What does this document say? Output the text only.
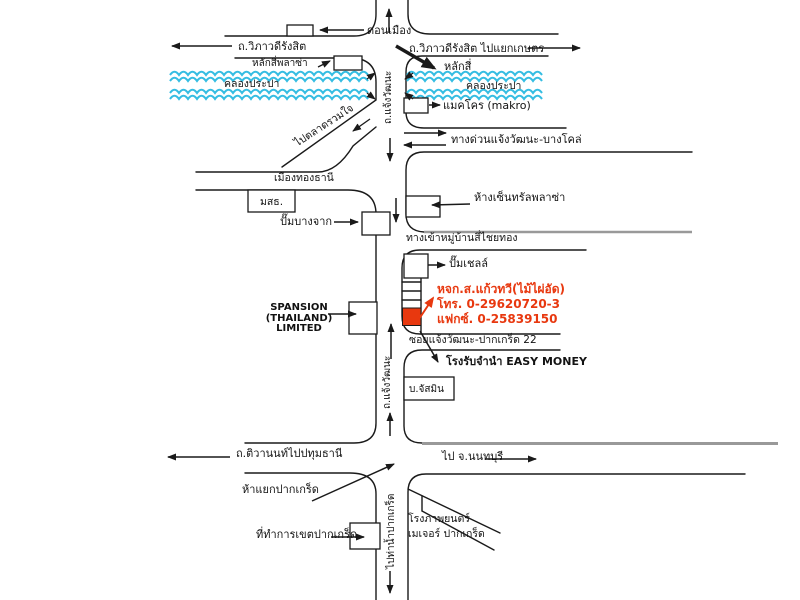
ดอนเมือง
ถ.วิภาวดีรังสิต	ถ.วิภาวดีรังสิต ไปแยกเกษตร
หลักสี่พลาซ่า	หลักสี่
คลองประปา	คลองประปา
แมคโคร (makro)
ไปตลาดรวมใจ
ถ.แจ้งวัฒนะ
ทางด่วนแจ้งวัฒนะ-บางโคล่
เมืองทองธานี
มสธ.
ปั๊มบางจาก
ห้างเซ็นทรัลพลาซ่า
ทางเข้าหมู่บ้านสี่ไชยทอง
ปั๊มเชลล์
หจก.ส.แก้วทวี(ไม้ไผ่อัด)
โทร. 0-29620720-3
แฟกซ์. 0-25839150
ซอยแจ้งวัฒนะ-ปากเกร็ด 22
SPANSION
(THAILAND)
LIMITED
โรงรับจำนำ EASY MONEY
บ.จัสมิน
ถ.แจ้งวัฒนะ
ถ.ติวานนท์ไปปทุมธานี	ไป จ.นนทบุรี
ห้าแยกปากเกร็ด
ที่ทำการเขตปากเกร็ด
โรงภาพยนตร์
เมเจอร์ ปากเกร็ด
ไปท่าน้ำปากเกร็ด
